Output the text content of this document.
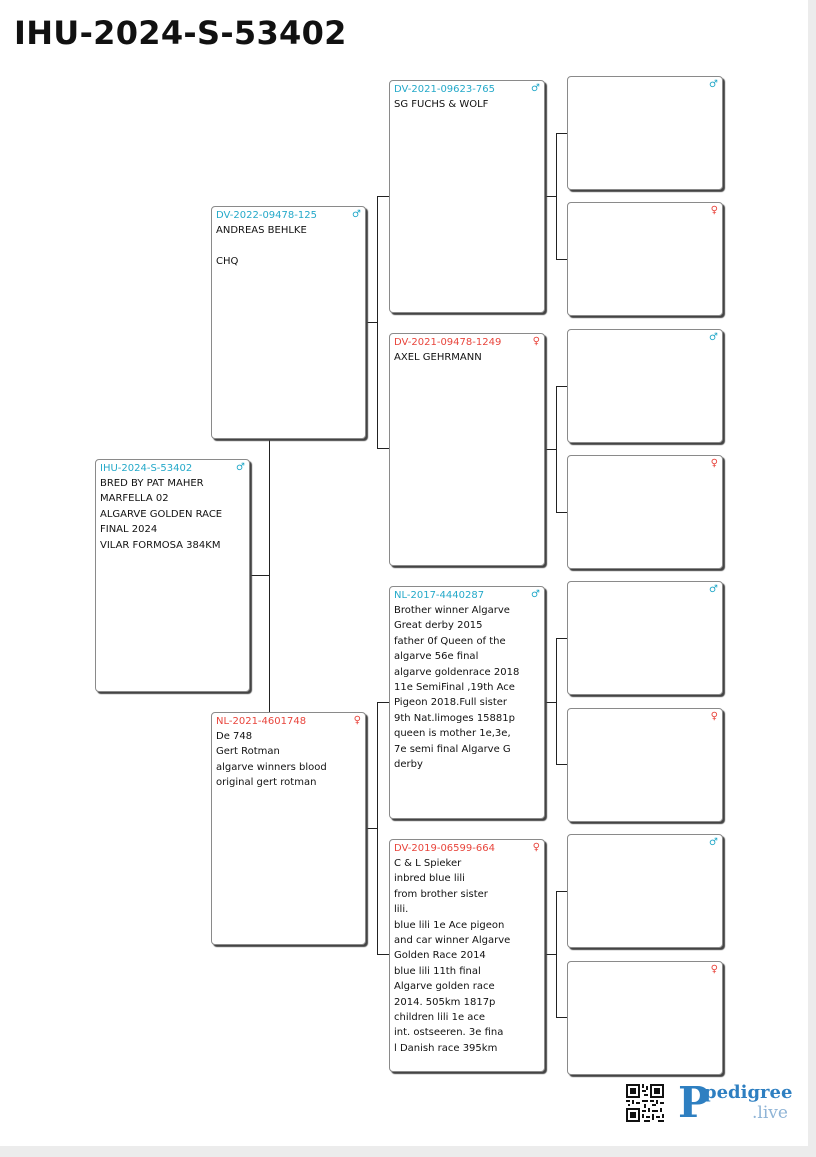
IHU-2024-S-53402
IHU-2024-S-53402	♂
BRED BY PAT MAHER
MARFELLA 02
ALGARVE GOLDEN RACE
FINAL 2024
VILAR FORMOSA 384KM
DV-2022-09478-125	♂
ANDREAS BEHLKE

CHQ
NL-2021-4601748	♀
De 748
Gert Rotman
algarve winners blood
original gert rotman
DV-2021-09623-765	♂
SG FUCHS & WOLF
DV-2021-09478-1249	♀
AXEL GEHRMANN
NL-2017-4440287	♂
Brother winner Algarve
Great derby 2015
father 0f Queen of the
algarve 56e final
algarve goldenrace 2018
11e SemiFinal ,19th Ace
Pigeon 2018.Full sister
9th Nat.limoges 15881p
queen is mother 1e,3e,
7e semi final Algarve G
derby
DV-2019-06599-664	♀
C & L Spieker
inbred blue lili
from brother sister
lili.
blue lili 1e Ace pigeon
and car winner Algarve
Golden Race 2014
blue lili 11th final
Algarve golden race
2014. 505km 1817p
children lili 1e ace
int. ostseeren. 3e fina
l Danish race 395km
♂
♀
♂
♀
♂
♀
♂
♀
P
pedigree
.live
